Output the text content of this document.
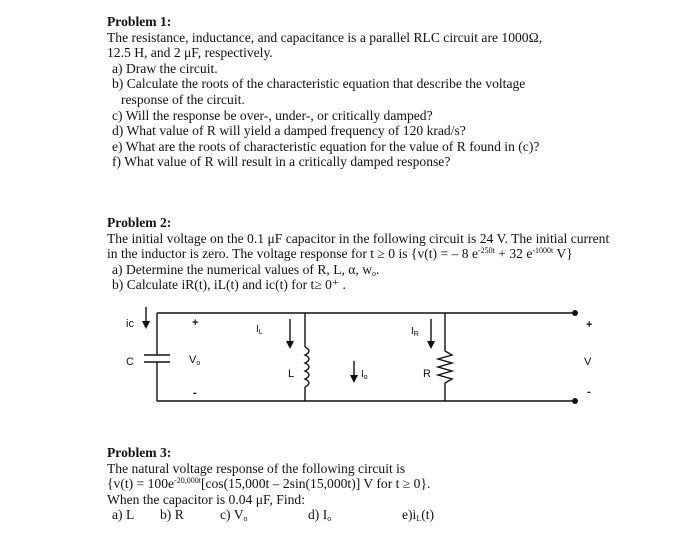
Problem 1:
The resistance, inductance, and capacitance is a parallel RLC circuit are 1000Ω,
12.5 H, and 2 μF, respectively.
a) Draw the circuit.
b) Calculate the roots of the characteristic equation that describe the voltage
response of the circuit.
c) Will the response be over-, under-, or critically damped?
d) What value of R will yield a damped frequency of 120 krad/s?
e) What are the roots of characteristic equation for the value of R found in (c)?
f) What value of R will result in a critically damped response?
Problem 2:
The initial voltage on the 0.1 μF capacitor in the following circuit is 24 V. The initial current
in the inductor is zero. The voltage response for t ≥ 0 is {v(t) = – 8 $e^{-250t} + 32$ $e^{-1000t}$ V}
a) Determine the numerical values of R, L, α, $w_o$.
b) Calculate iR(t), iL(t) and ic(t) for t≥ 0⁺ .
ic
C
+
Vo
-
$I_L$
L	$I_o$
$I_R$
R
+
V
-
Problem 3:
The natural voltage response of the following circuit is
{$v(t) = 100e^{-20,000t}[\cos(15,000t - 2\sin(15,000t)]$ V for t ≥ 0}.
When the capacitor is 0.04 μF, Find:
a) L	b) R	c) $V_o$	d) $I_o$	$e)i_L(t)$
